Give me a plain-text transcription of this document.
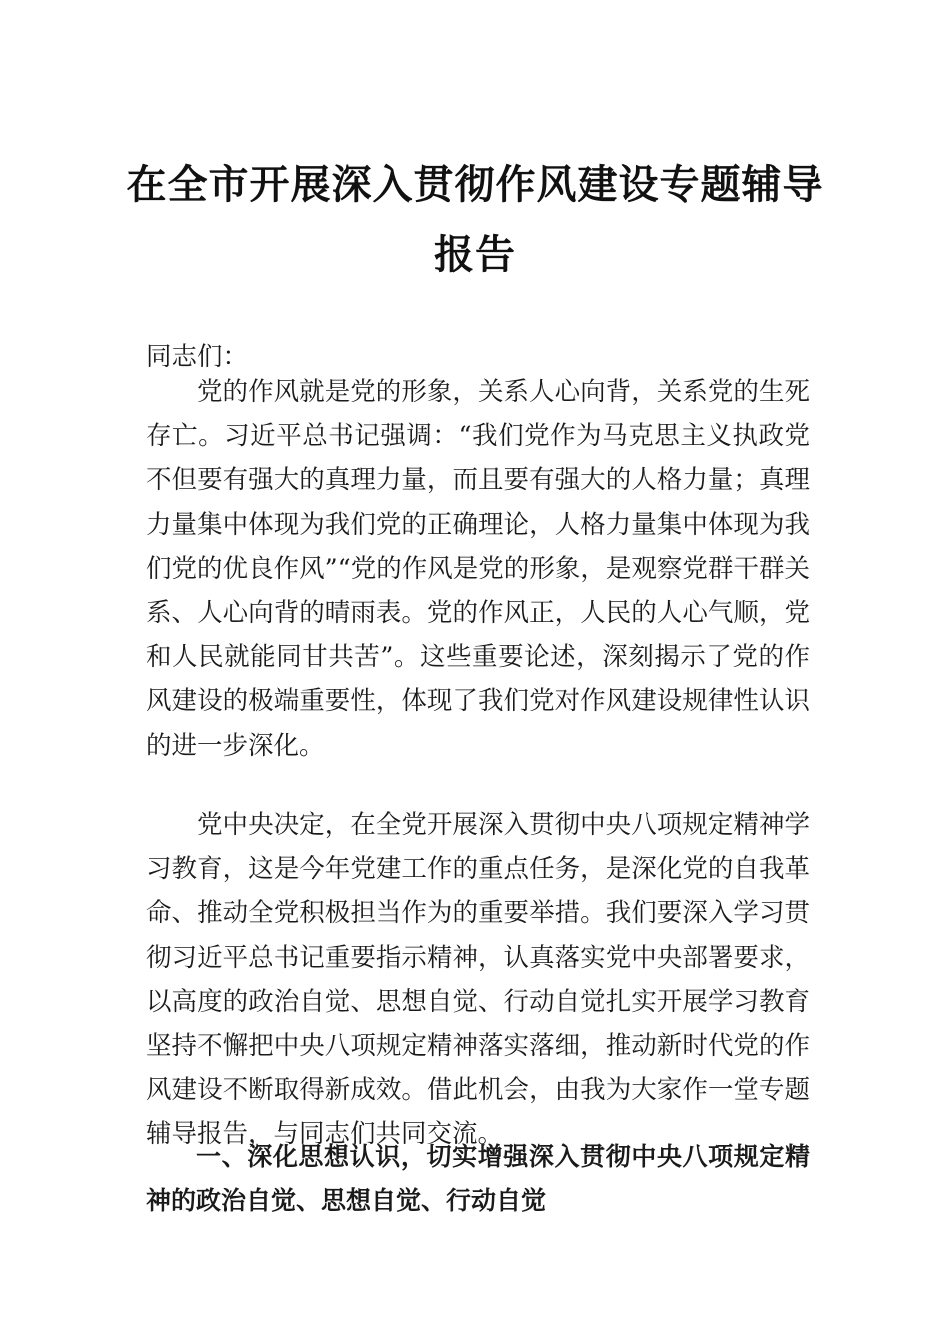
在全市开展深入贯彻作风建设专题辅导报告

同志们：

党的作风就是党的形象，关系人心向背，关系党的生死存亡。习近平总书记强调：“我们党作为马克思主义执政党不但要有强大的真理力量，而且要有强大的人格力量；真理力量集中体现为我们党的正确理论，人格力量集中体现为我们党的优良作风”“党的作风是党的形象，是观察党群干群关系、人心向背的晴雨表。党的作风正，人民的人心气顺，党和人民就能同甘共苦”。这些重要论述，深刻揭示了党的作风建设的极端重要性，体现了我们党对作风建设规律性认识的进一步深化。

党中央决定，在全党开展深入贯彻中央八项规定精神学习教育，这是今年党建工作的重点任务，是深化党的自我革命、推动全党积极担当作为的重要举措。我们要深入学习贯彻习近平总书记重要指示精神，认真落实党中央部署要求，以高度的政治自觉、思想自觉、行动自觉扎实开展学习教育坚持不懈把中央八项规定精神落实落细，推动新时代党的作风建设不断取得新成效。借此机会，由我为大家作一堂专题辅导报告，与同志们共同交流。

一、深化思想认识，切实增强深入贯彻中央八项规定精神的政治自觉、思想自觉、行动自觉
